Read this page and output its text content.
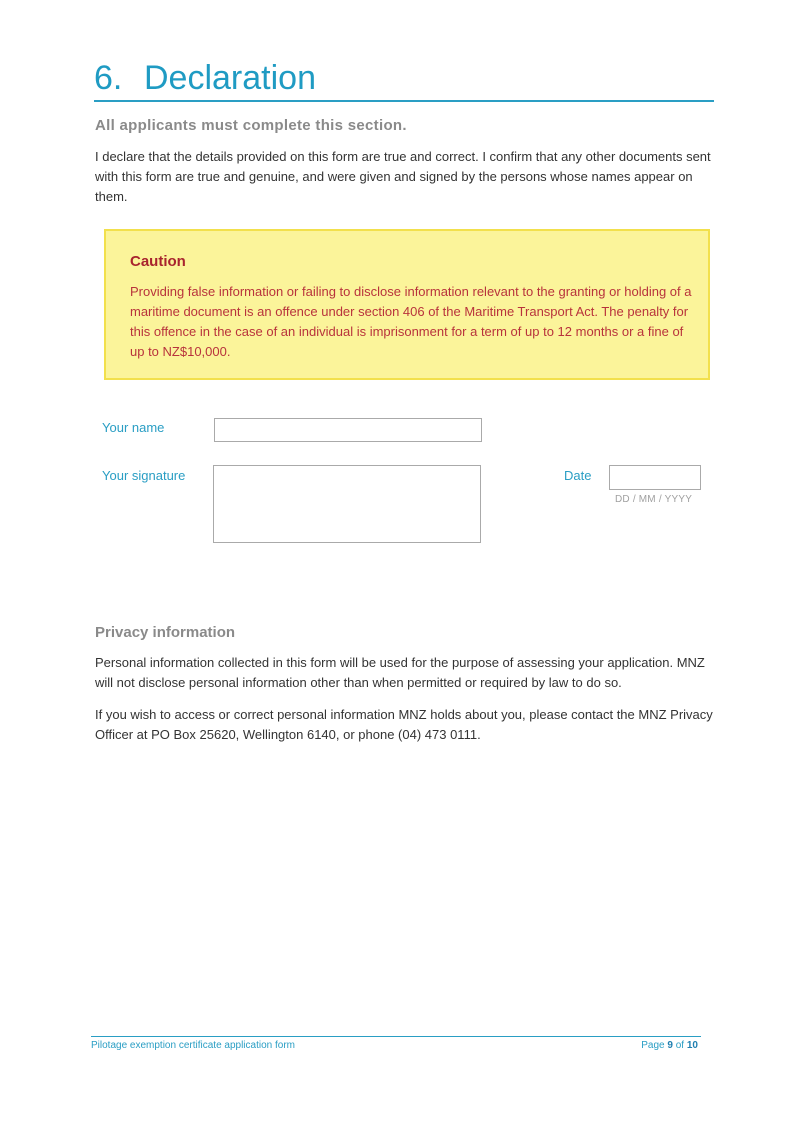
6. Declaration
All applicants must complete this section.

I declare that the details provided on this form are true and correct. I confirm that any other documents sent with this form are true and genuine, and were given and signed by the persons whose names appear on them.

Caution

Providing false information or failing to disclose information relevant to the granting or holding of a maritime document is an offence under section 406 of the Maritime Transport Act. The penalty for this offence in the case of an individual is imprisonment for a term of up to 12 months or a fine of up to NZ$10,000.

Your name
Your signature	Date
DD / MM / YYYY
Privacy information

Personal information collected in this form will be used for the purpose of assessing your application. MNZ will not disclose personal information other than when permitted or required by law to do so.

If you wish to access or correct personal information MNZ holds about you, please contact the MNZ Privacy Officer at PO Box 25620, Wellington 6140, or phone (04) 473 0111.

Pilotage exemption certificate application form	Page 9 of 10
